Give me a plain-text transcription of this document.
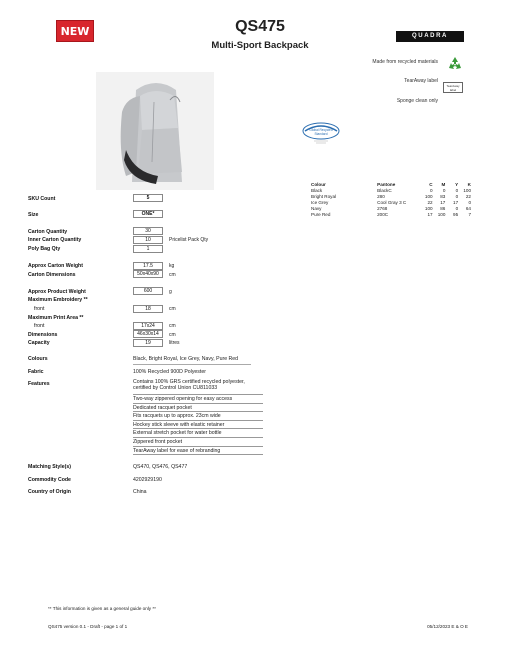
NEW	QS475
Multi-Sport Backpack
QUADRA
Made from recycled materials
TearAway label
TearAway label
Sponge clean only
Global Recycled
Standard
SKU Count	5
Size	ONE*
Carton Quantity	30
Inner Carton Quantity	10	Pricelist Pack Qty
Poly Bag Qty	1
Approx Carton Weight	17.5	kg
Carton Dimensions	50x40x90	cm
Approx Product Weight	600	g
Maximum Embroidery **
front	18	cm
Maximum Print Area **
front	17x24	cm
Dimensions	46x30x14	cm
Capacity	19	litres
Colours	Black, Bright Royal, Ice Grey, Navy, Pure Red
Fabric	100% Recycled 900D Polyester
Features	Contains 100% GRS certified recycled polyester, certified by Control Union CU811033
Two-way zippered opening for easy access
Dedicated racquet pocket
Fits racquets up to approx. 23cm wide
Hockey stick sleeve with elastic retainer
External stretch pocket for water bottle
Zippered front pocket
TearAway label for ease of rebranding
Matching Style(s)	QS470, QS476, QS477
Commodity Code	4202929190
Country of Origin	China
Colour	Pantone	C	M	Y	K
Black	BlackC	0	0	0	100
Bright Royal	280	100	83	0	22
Ice Grey	Cool Gray 3 C	22	17	17	0
Navy	2768	100	86	0	64
Pure Red	200C	17	100	95	7
** This information is given as a general guide only **
QS475 version 0.1 - Draft - page 1 of 1	05/12/2023 E & O E
